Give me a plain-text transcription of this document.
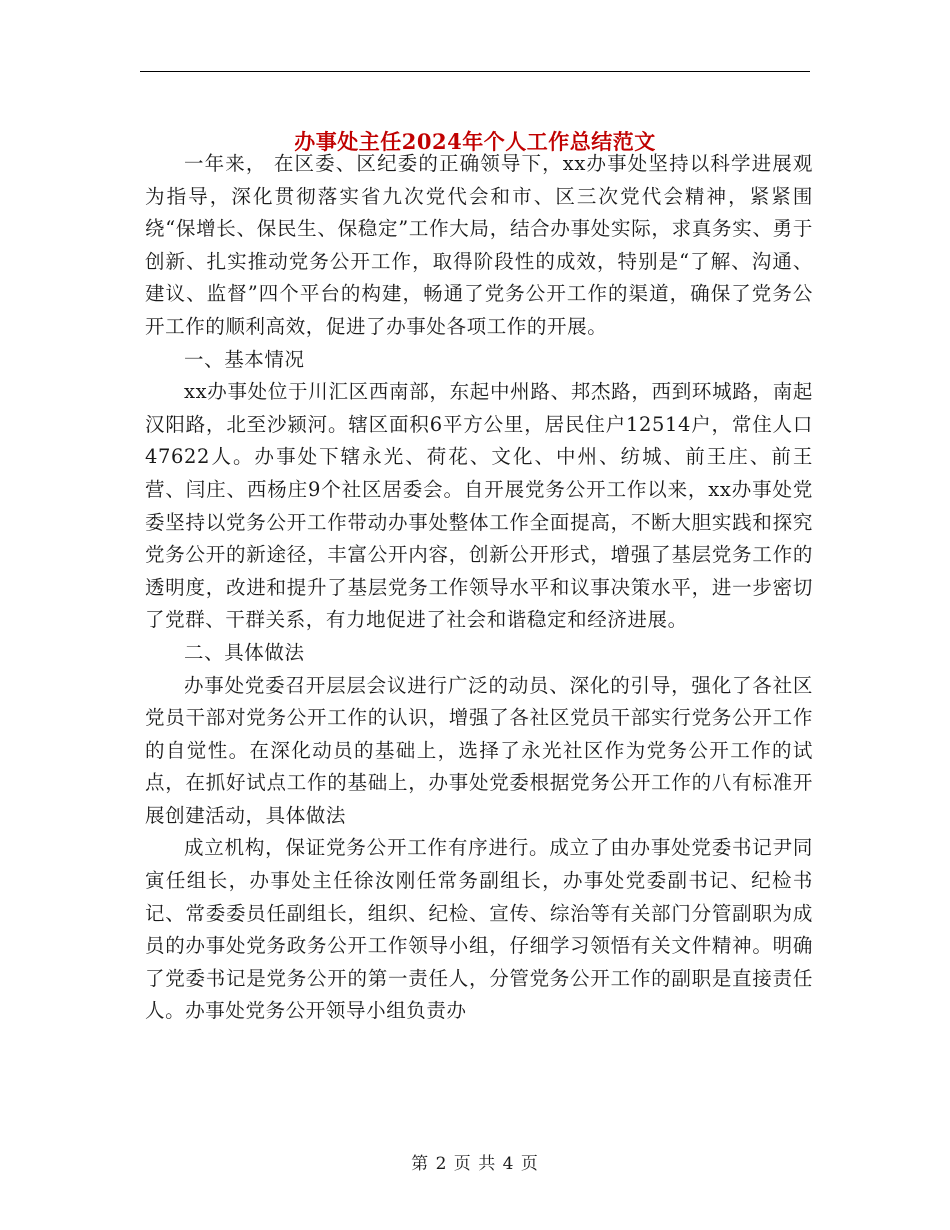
办事处主任2024年个人工作总结范文

一年来， 在区委、区纪委的正确领导下，xx办事处坚持以科学进展观为指导，深化贯彻落实省九次党代会和市、区三次党代会精神，紧紧围绕“保增长、保民生、保稳定”工作大局，结合办事处实际，求真务实、勇于创新、扎实推动党务公开工作，取得阶段性的成效，特别是“了解、沟通、建议、监督”四个平台的构建，畅通了党务公开工作的渠道，确保了党务公开工作的顺利高效，促进了办事处各项工作的开展。

一、基本情况

xx办事处位于川汇区西南部，东起中州路、邦杰路，西到环城路，南起汉阳路，北至沙颍河。辖区面积6平方公里，居民住户12514户，常住人口47622人。办事处下辖永光、荷花、文化、中州、纺城、前王庄、前王营、闫庄、西杨庄9个社区居委会。自开展党务公开工作以来，xx办事处党委坚持以党务公开工作带动办事处整体工作全面提高，不断大胆实践和探究党务公开的新途径，丰富公开内容，创新公开形式，增强了基层党务工作的透明度，改进和提升了基层党务工作领导水平和议事决策水平，进一步密切了党群、干群关系，有力地促进了社会和谐稳定和经济进展。

二、具体做法

办事处党委召开层层会议进行广泛的动员、深化的引导，强化了各社区党员干部对党务公开工作的认识，增强了各社区党员干部实行党务公开工作的自觉性。在深化动员的基础上，选择了永光社区作为党务公开工作的试点，在抓好试点工作的基础上，办事处党委根据党务公开工作的八有标准开展创建活动，具体做法

成立机构，保证党务公开工作有序进行。成立了由办事处党委书记尹同寅任组长，办事处主任徐汝刚任常务副组长，办事处党委副书记、纪检书记、常委委员任副组长，组织、纪检、宣传、综治等有关部门分管副职为成员的办事处党务政务公开工作领导小组，仔细学习领悟有关文件精神。明确了党委书记是党务公开的第一责任人，分管党务公开工作的副职是直接责任人。办事处党务公开领导小组负责办

第 2 页 共 4 页
